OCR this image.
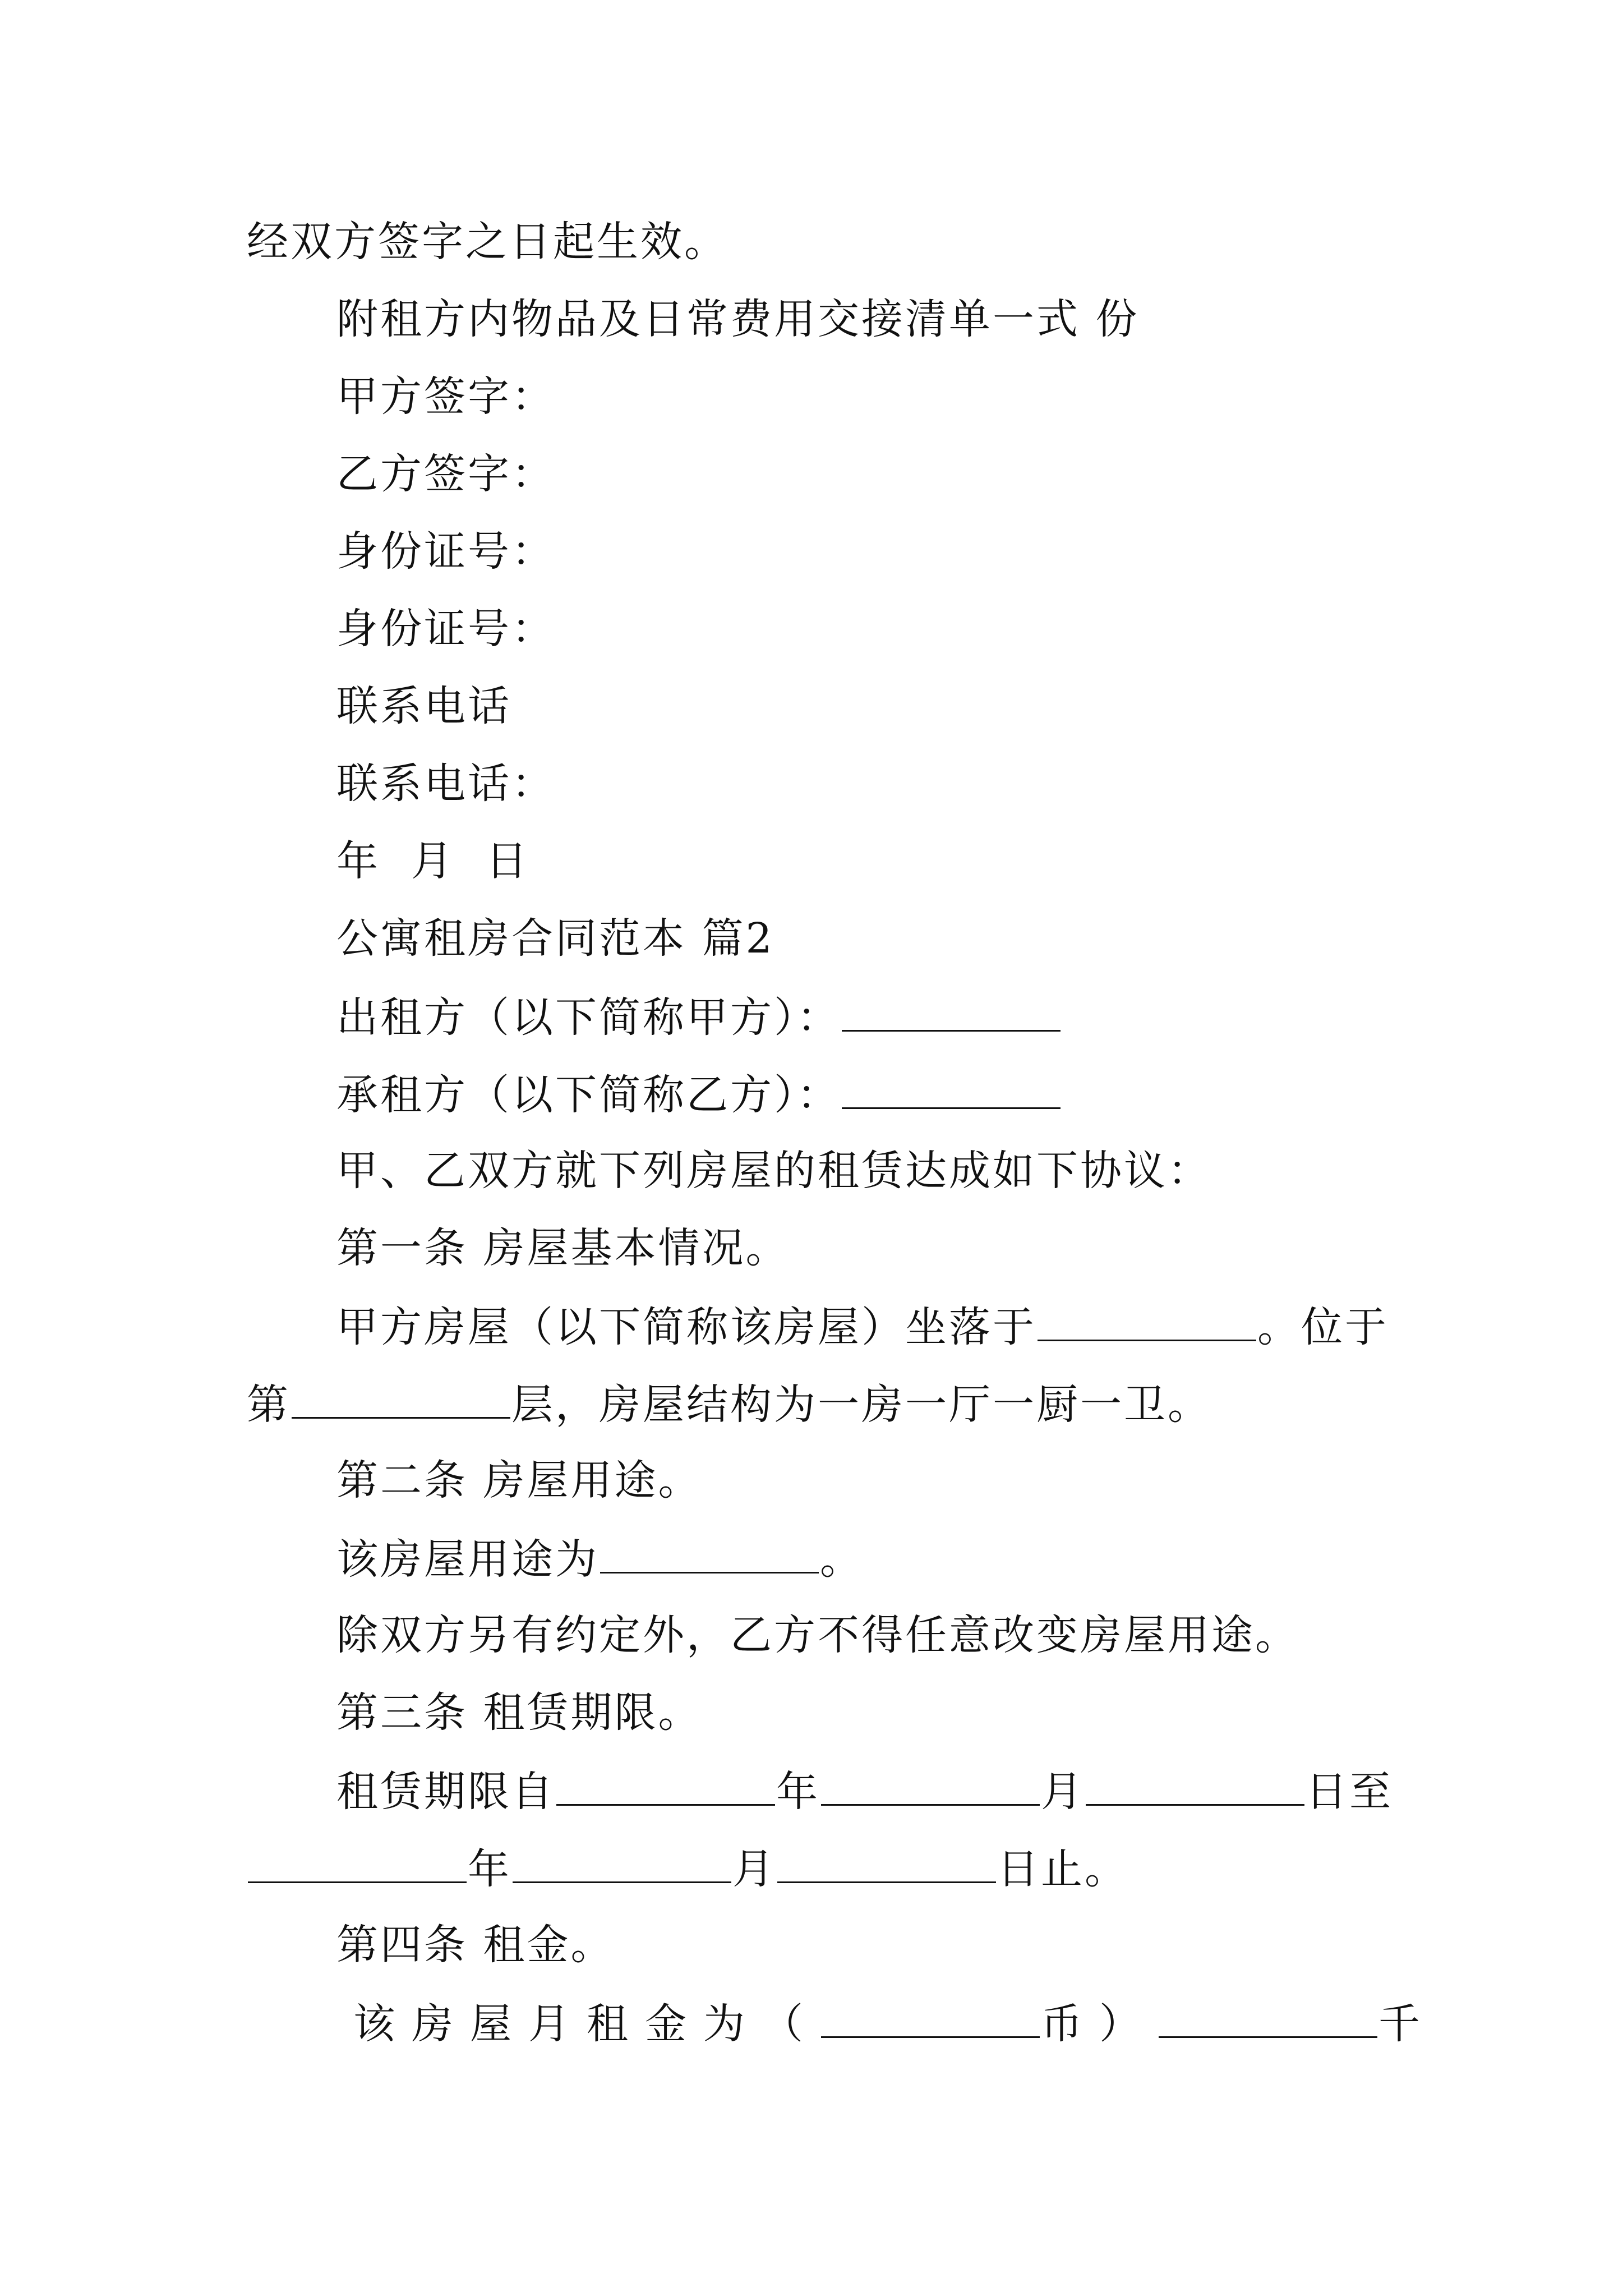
经双方签字之日起生效。
附租方内物品及日常费用交接清单一式 份
甲方签字：
乙方签字：
身份证号：
身份证号：
联系电话
联系电话：
年  月  日
公寓租房合同范本 篇2
出租方（以下简称甲方）：
承租方（以下简称乙方）：
甲、乙双方就下列房屋的租赁达成如下协议：
第一条 房屋基本情况。
甲方房屋（以下简称该房屋）坐落于	。位于
第	层，房屋结构为一房一厅一厨一卫。
第二条 房屋用途。
该房屋用途为	。
除双方另有约定外，乙方不得任意改变房屋用途。
第三条 租赁期限。
租赁期限自	年	月	日至
年	月	日止。
第四条 租金。
该房屋月租金为（	币）	千
